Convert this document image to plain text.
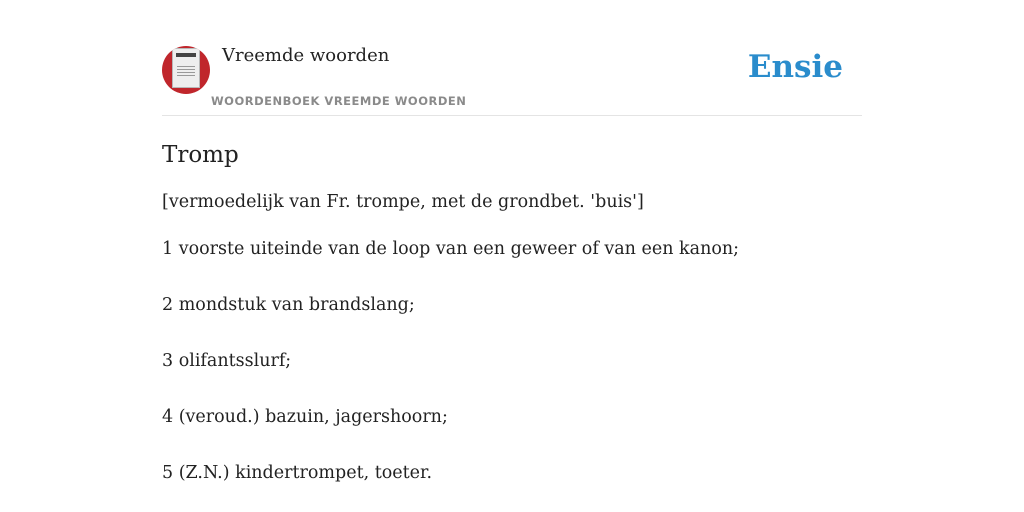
Vreemde woorden
WOORDENBOEK VREEMDE WOORDEN
Ensie
Tromp

[vermoedelijk van Fr. trompe, met de grondbet. 'buis']

1 voorste uiteinde van de loop van een geweer of van een kanon;
2 mondstuk van brandslang;
3 olifantsslurf;
4 (veroud.) bazuin, jagershoorn;
5 (Z.N.) kindertrompet, toeter.
